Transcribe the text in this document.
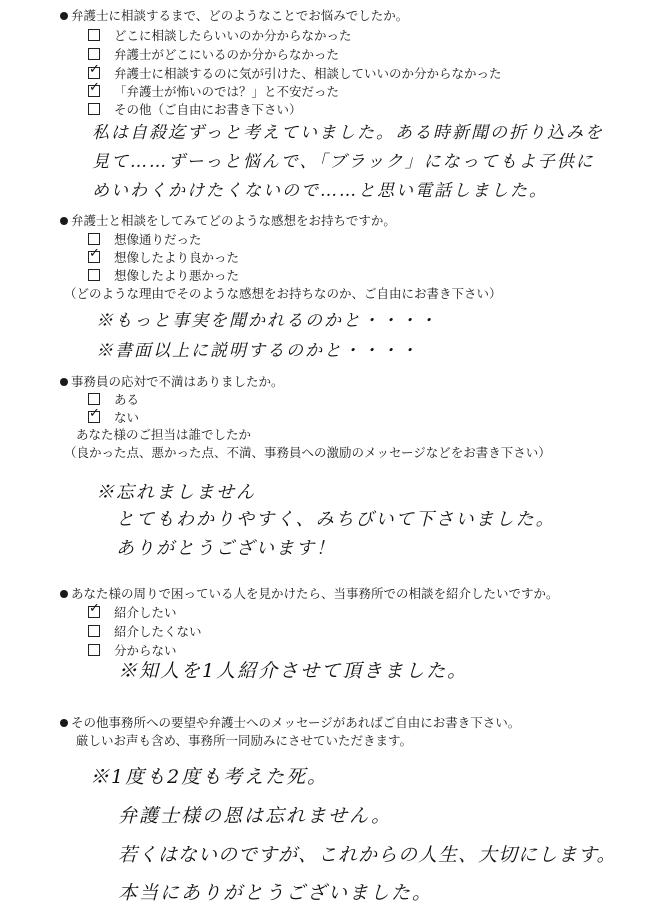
弁護士に相談するまで、どのようなことでお悩みでしたか。
どこに相談したらいいのか分からなかった
弁護士がどこにいるのか分からなかった
✓弁護士に相談するのに気が引けた、相談していいのか分からなかった
✓「弁護士が怖いのでは？」と不安だった
その他（ご自由にお書き下さい）
私は自殺迄ずっと考えていました。ある時新聞の折り込みを
見て……ずーっと悩んで、「ブラック」になってもよ子供に
めいわくかけたくないので……と思い電話しました。
弁護士と相談をしてみてどのような感想をお持ちですか。
想像通りだった
✓想像したより良かった
想像したより悪かった
（どのような理由でそのような感想をお持ちなのか、ご自由にお書き下さい）
※もっと事実を聞かれるのかと・・・・
※書面以上に説明するのかと・・・・
事務員の応対で不満はありましたか。
ある
✓ない
あなた様のご担当は誰でしたか
（良かった点、悪かった点、不満、事務員への激励のメッセージなどをお書き下さい）
※忘れましません
とてもわかりやすく、みちびいて下さいました。
ありがとうございます！
あなた様の周りで困っている人を見かけたら、当事務所での相談を紹介したいですか。
✓紹介したい
紹介したくない
分からない
※知人を1人紹介させて頂きました。
その他事務所への要望や弁護士へのメッセージがあればご自由にお書き下さい。
厳しいお声も含め、事務所一同励みにさせていただきます。
※1度も2度も考えた死。
弁護士様の恩は忘れません。
若くはないのですが、これからの人生、大切にします。
本当にありがとうございました。
